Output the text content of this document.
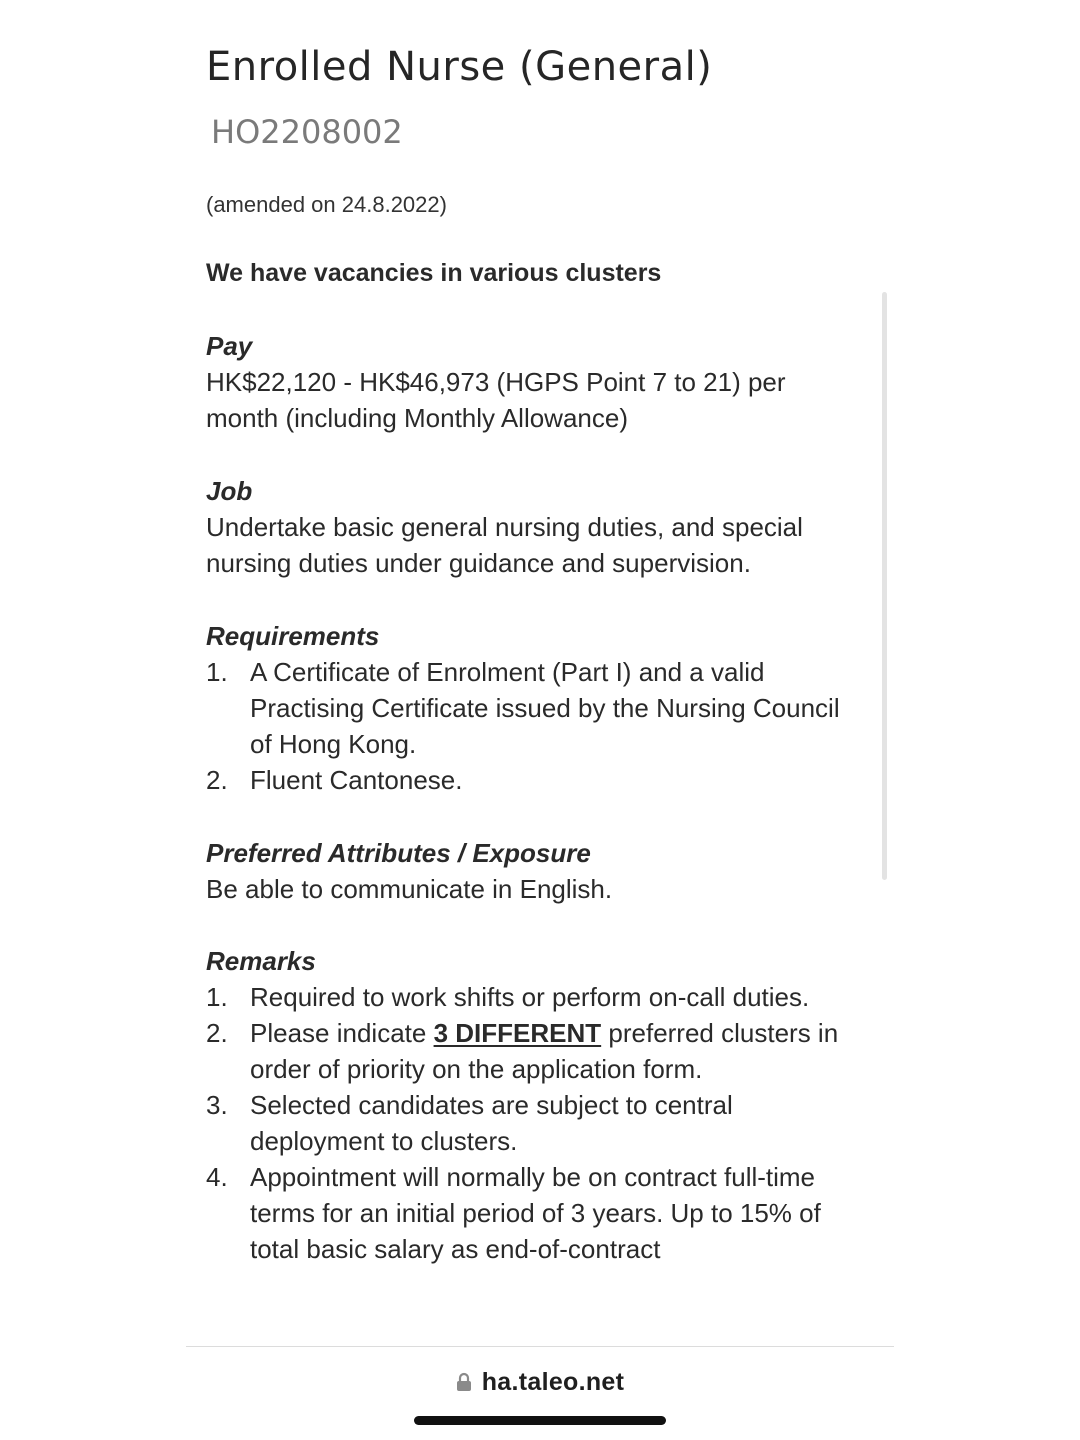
Enrolled Nurse (General)
HO2208002
(amended on 24.8.2022)
We have vacancies in various clusters
Pay
HK$22,120 - HK$46,973 (HGPS Point 7 to 21) per month (including Monthly Allowance)
Job
Undertake basic general nursing duties, and special nursing duties under guidance and supervision.
Requirements
1. A Certificate of Enrolment (Part I) and a valid Practising Certificate issued by the Nursing Council of Hong Kong.
2. Fluent Cantonese.
Preferred Attributes / Exposure
Be able to communicate in English.
Remarks
1. Required to work shifts or perform on-call duties.
2. Please indicate 3 DIFFERENT preferred clusters in order of priority on the application form.
3. Selected candidates are subject to central deployment to clusters.
4. Appointment will normally be on contract full-time terms for an initial period of 3 years. Up to 15% of total basic salary as end-of-contract
ha.taleo.net
